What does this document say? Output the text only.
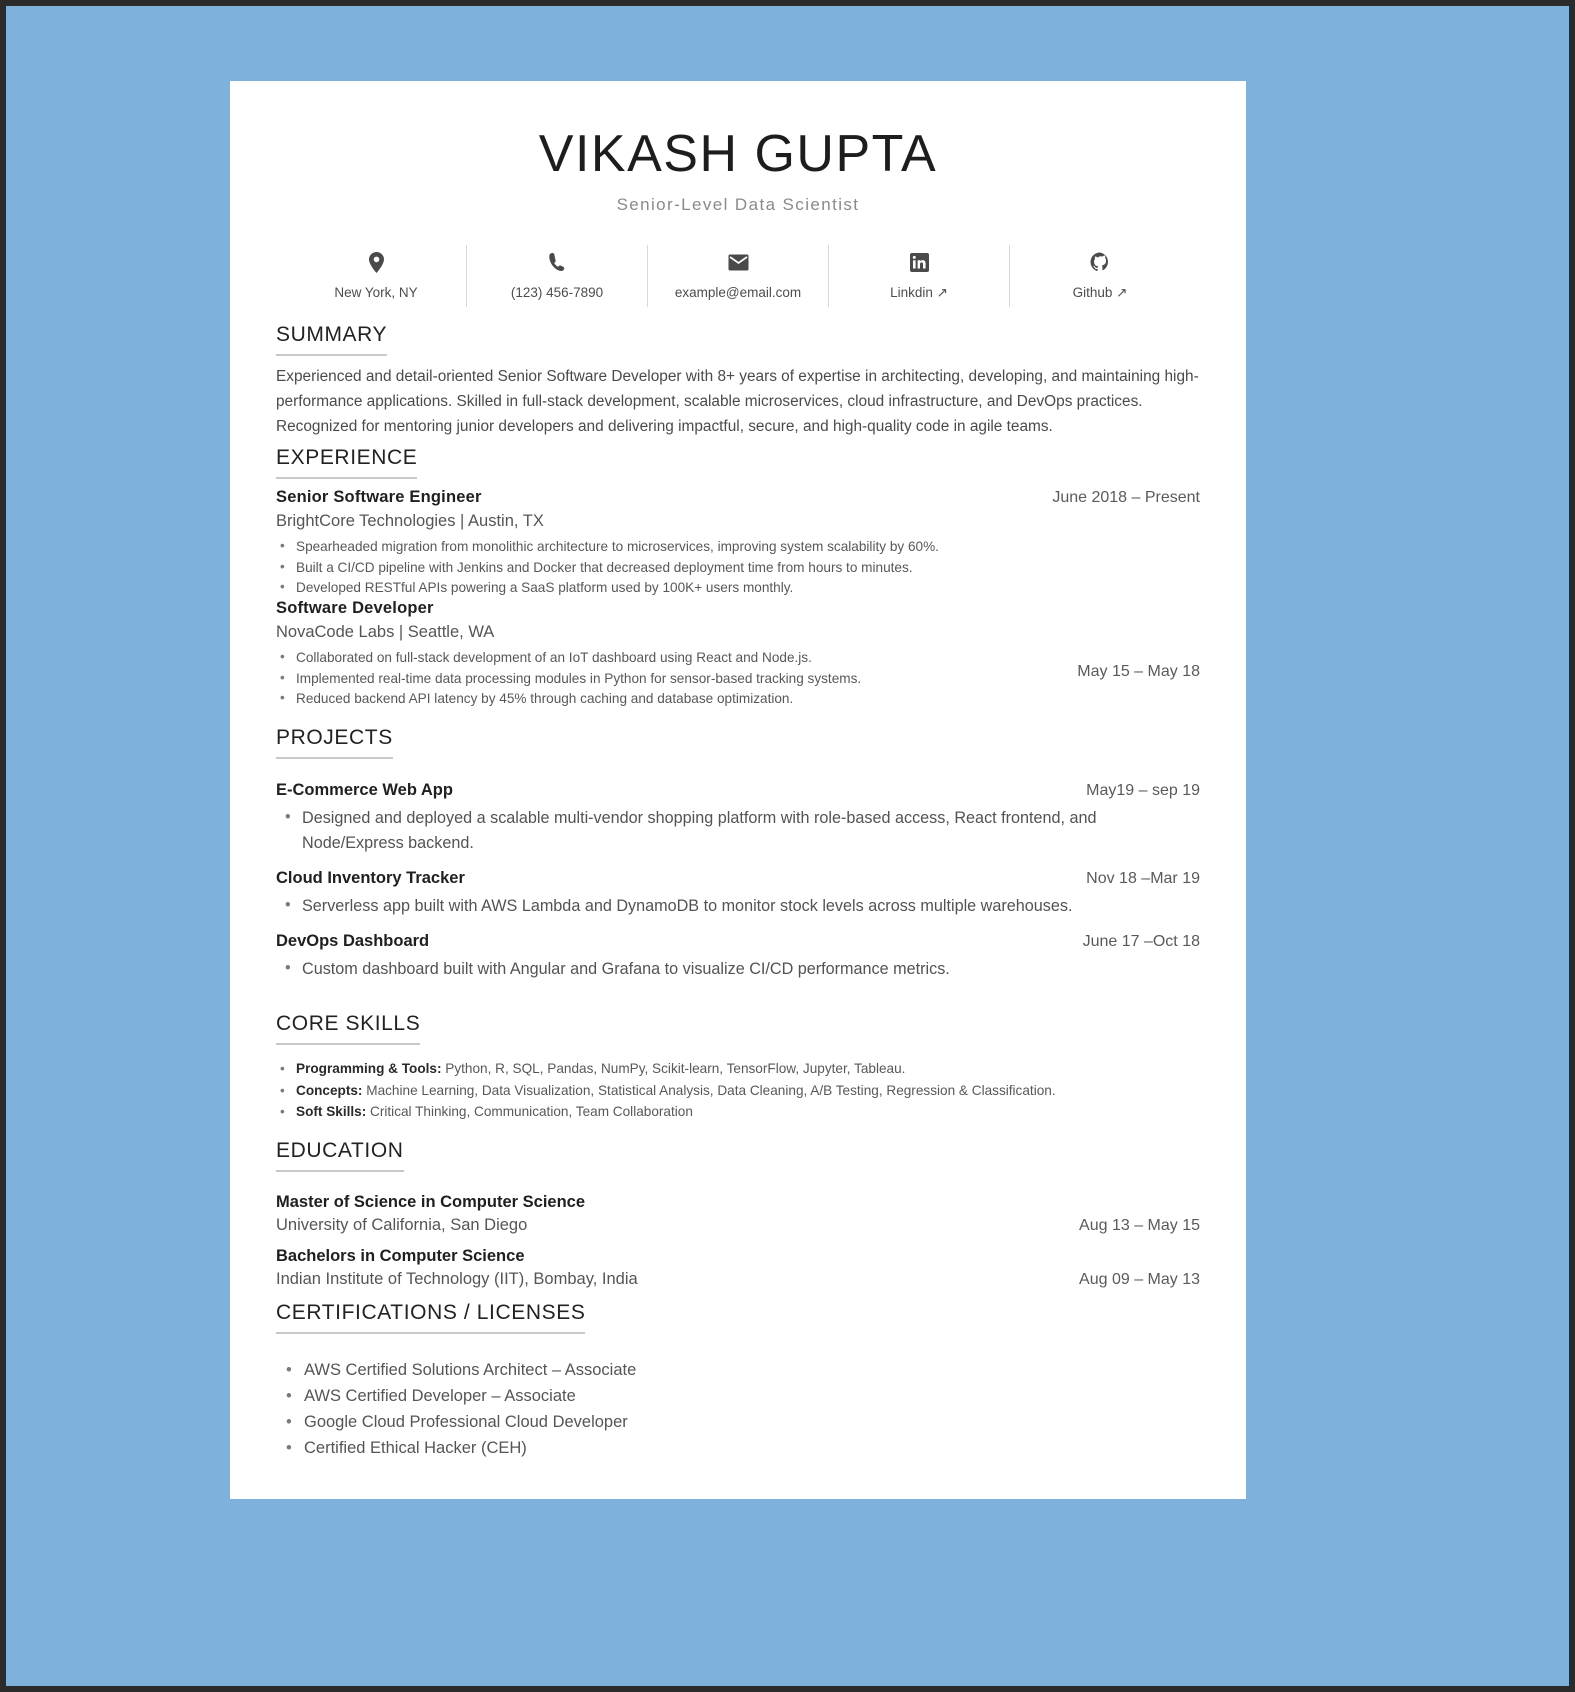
VIKASH GUPTA
Senior-Level Data Scientist
New York, NY	(123) 456-7890	example@email.com	Linkdin ↗	Github ↗
SUMMARY
Experienced and detail-oriented Senior Software Developer with 8+ years of expertise in architecting, developing, and maintaining high-performance applications. Skilled in full-stack development, scalable microservices, cloud infrastructure, and DevOps practices. Recognized for mentoring junior developers and delivering impactful, secure, and high-quality code in agile teams.
EXPERIENCE
Senior Software Engineer	June 2018 – Present
BrightCore Technologies | Austin, TX
• Spearheaded migration from monolithic architecture to microservices, improving system scalability by 60%.
• Built a CI/CD pipeline with Jenkins and Docker that decreased deployment time from hours to minutes.
• Developed RESTful APIs powering a SaaS platform used by 100K+ users monthly.
Software Developer
NovaCode Labs | Seattle, WA
May 15 – May 18
• Collaborated on full-stack development of an IoT dashboard using React and Node.js.
• Implemented real-time data processing modules in Python for sensor-based tracking systems.
• Reduced backend API latency by 45% through caching and database optimization.
PROJECTS
E-Commerce Web App	May19 – sep 19
• Designed and deployed a scalable multi-vendor shopping platform with role-based access, React frontend, and Node/Express backend.
Cloud Inventory Tracker	Nov 18 –Mar 19
• Serverless app built with AWS Lambda and DynamoDB to monitor stock levels across multiple warehouses.
DevOps Dashboard	June 17 –Oct 18
• Custom dashboard built with Angular and Grafana to visualize CI/CD performance metrics.
CORE SKILLS
• Programming & Tools: Python, R, SQL, Pandas, NumPy, Scikit-learn, TensorFlow, Jupyter, Tableau.
• Concepts: Machine Learning, Data Visualization, Statistical Analysis, Data Cleaning, A/B Testing, Regression & Classification.
• Soft Skills: Critical Thinking, Communication, Team Collaboration
EDUCATION
Master of Science in Computer Science
University of California, San Diego	Aug 13 – May 15
Bachelors in Computer Science
Indian Institute of Technology (IIT), Bombay, India	Aug 09 – May 13
CERTIFICATIONS / LICENSES
• AWS Certified Solutions Architect – Associate
• AWS Certified Developer – Associate
• Google Cloud Professional Cloud Developer
• Certified Ethical Hacker (CEH)
